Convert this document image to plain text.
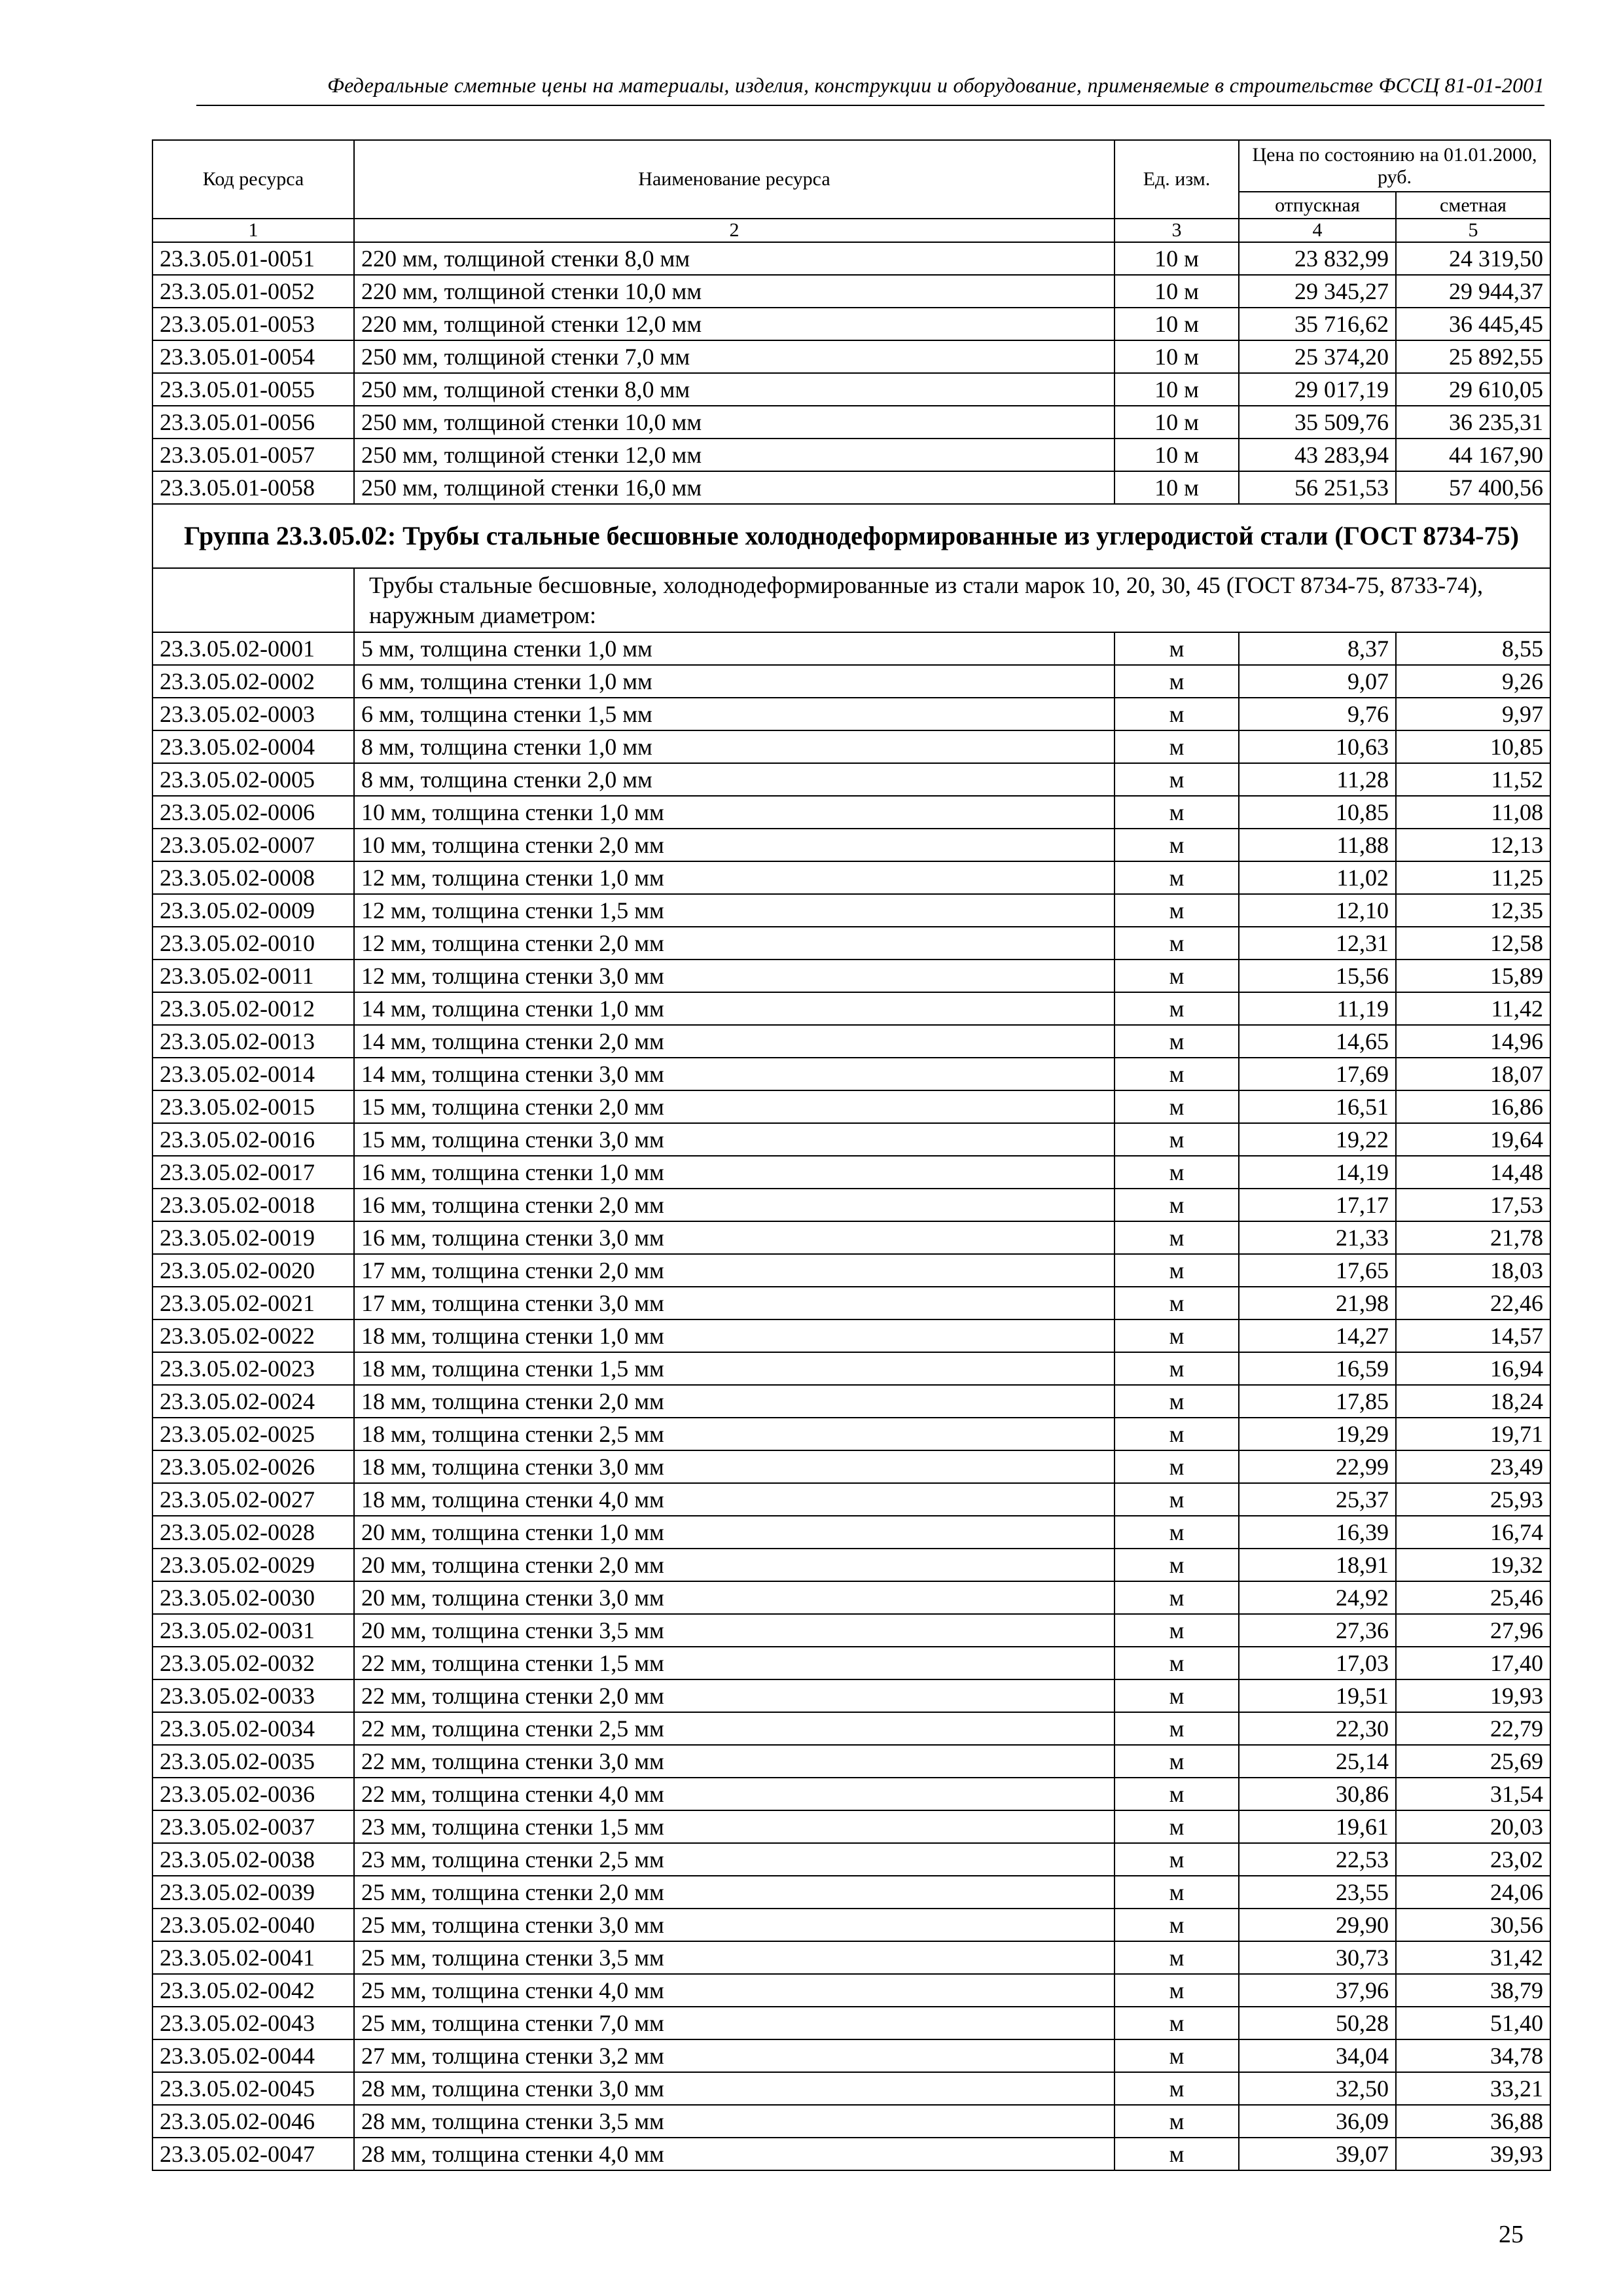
Федеральные сметные цены на материалы, изделия, конструкции и оборудование, применяемые в строительстве ФССЦ 81-01-2001
Код ресурса	Наименование ресурса	Ед. изм.	Цена по состоянию на 01.01.2000, руб.	
			отпускная	сметная
1	2	3	4	5
23.3.05.01-0051	220 мм, толщиной стенки 8,0 мм	10 м	23 832,99	24 319,50
23.3.05.01-0052	220 мм, толщиной стенки 10,0 мм	10 м	29 345,27	29 944,37
23.3.05.01-0053	220 мм, толщиной стенки 12,0 мм	10 м	35 716,62	36 445,45
23.3.05.01-0054	250 мм, толщиной стенки 7,0 мм	10 м	25 374,20	25 892,55
23.3.05.01-0055	250 мм, толщиной стенки 8,0 мм	10 м	29 017,19	29 610,05
23.3.05.01-0056	250 мм, толщиной стенки 10,0 мм	10 м	35 509,76	36 235,31
23.3.05.01-0057	250 мм, толщиной стенки 12,0 мм	10 м	43 283,94	44 167,90
23.3.05.01-0058	250 мм, толщиной стенки 16,0 мм	10 м	56 251,53	57 400,56
Группа 23.3.05.02: Трубы стальные бесшовные холоднодеформированные из углеродистой стали (ГОСТ 8734-75)				
	Трубы стальные бесшовные, холоднодеформированные из стали марок 10, 20, 30, 45 (ГОСТ 8734-75, 8733-74), наружным диаметром:			
23.3.05.02-0001	5 мм, толщина стенки 1,0 мм	м	8,37	8,55
23.3.05.02-0002	6 мм, толщина стенки 1,0 мм	м	9,07	9,26
23.3.05.02-0003	6 мм, толщина стенки 1,5 мм	м	9,76	9,97
23.3.05.02-0004	8 мм, толщина стенки 1,0 мм	м	10,63	10,85
23.3.05.02-0005	8 мм, толщина стенки 2,0 мм	м	11,28	11,52
23.3.05.02-0006	10 мм, толщина стенки 1,0 мм	м	10,85	11,08
23.3.05.02-0007	10 мм, толщина стенки 2,0 мм	м	11,88	12,13
23.3.05.02-0008	12 мм, толщина стенки 1,0 мм	м	11,02	11,25
23.3.05.02-0009	12 мм, толщина стенки 1,5 мм	м	12,10	12,35
23.3.05.02-0010	12 мм, толщина стенки 2,0 мм	м	12,31	12,58
23.3.05.02-0011	12 мм, толщина стенки 3,0 мм	м	15,56	15,89
23.3.05.02-0012	14 мм, толщина стенки 1,0 мм	м	11,19	11,42
23.3.05.02-0013	14 мм, толщина стенки 2,0 мм	м	14,65	14,96
23.3.05.02-0014	14 мм, толщина стенки 3,0 мм	м	17,69	18,07
23.3.05.02-0015	15 мм, толщина стенки 2,0 мм	м	16,51	16,86
23.3.05.02-0016	15 мм, толщина стенки 3,0 мм	м	19,22	19,64
23.3.05.02-0017	16 мм, толщина стенки 1,0 мм	м	14,19	14,48
23.3.05.02-0018	16 мм, толщина стенки 2,0 мм	м	17,17	17,53
23.3.05.02-0019	16 мм, толщина стенки 3,0 мм	м	21,33	21,78
23.3.05.02-0020	17 мм, толщина стенки 2,0 мм	м	17,65	18,03
23.3.05.02-0021	17 мм, толщина стенки 3,0 мм	м	21,98	22,46
23.3.05.02-0022	18 мм, толщина стенки 1,0 мм	м	14,27	14,57
23.3.05.02-0023	18 мм, толщина стенки 1,5 мм	м	16,59	16,94
23.3.05.02-0024	18 мм, толщина стенки 2,0 мм	м	17,85	18,24
23.3.05.02-0025	18 мм, толщина стенки 2,5 мм	м	19,29	19,71
23.3.05.02-0026	18 мм, толщина стенки 3,0 мм	м	22,99	23,49
23.3.05.02-0027	18 мм, толщина стенки 4,0 мм	м	25,37	25,93
23.3.05.02-0028	20 мм, толщина стенки 1,0 мм	м	16,39	16,74
23.3.05.02-0029	20 мм, толщина стенки 2,0 мм	м	18,91	19,32
23.3.05.02-0030	20 мм, толщина стенки 3,0 мм	м	24,92	25,46
23.3.05.02-0031	20 мм, толщина стенки 3,5 мм	м	27,36	27,96
23.3.05.02-0032	22 мм, толщина стенки 1,5 мм	м	17,03	17,40
23.3.05.02-0033	22 мм, толщина стенки 2,0 мм	м	19,51	19,93
23.3.05.02-0034	22 мм, толщина стенки 2,5 мм	м	22,30	22,79
23.3.05.02-0035	22 мм, толщина стенки 3,0 мм	м	25,14	25,69
23.3.05.02-0036	22 мм, толщина стенки 4,0 мм	м	30,86	31,54
23.3.05.02-0037	23 мм, толщина стенки 1,5 мм	м	19,61	20,03
23.3.05.02-0038	23 мм, толщина стенки 2,5 мм	м	22,53	23,02
23.3.05.02-0039	25 мм, толщина стенки 2,0 мм	м	23,55	24,06
23.3.05.02-0040	25 мм, толщина стенки 3,0 мм	м	29,90	30,56
23.3.05.02-0041	25 мм, толщина стенки 3,5 мм	м	30,73	31,42
23.3.05.02-0042	25 мм, толщина стенки 4,0 мм	м	37,96	38,79
23.3.05.02-0043	25 мм, толщина стенки 7,0 мм	м	50,28	51,40
23.3.05.02-0044	27 мм, толщина стенки 3,2 мм	м	34,04	34,78
23.3.05.02-0045	28 мм, толщина стенки 3,0 мм	м	32,50	33,21
23.3.05.02-0046	28 мм, толщина стенки 3,5 мм	м	36,09	36,88
23.3.05.02-0047	28 мм, толщина стенки 4,0 мм	м	39,07	39,93
25
